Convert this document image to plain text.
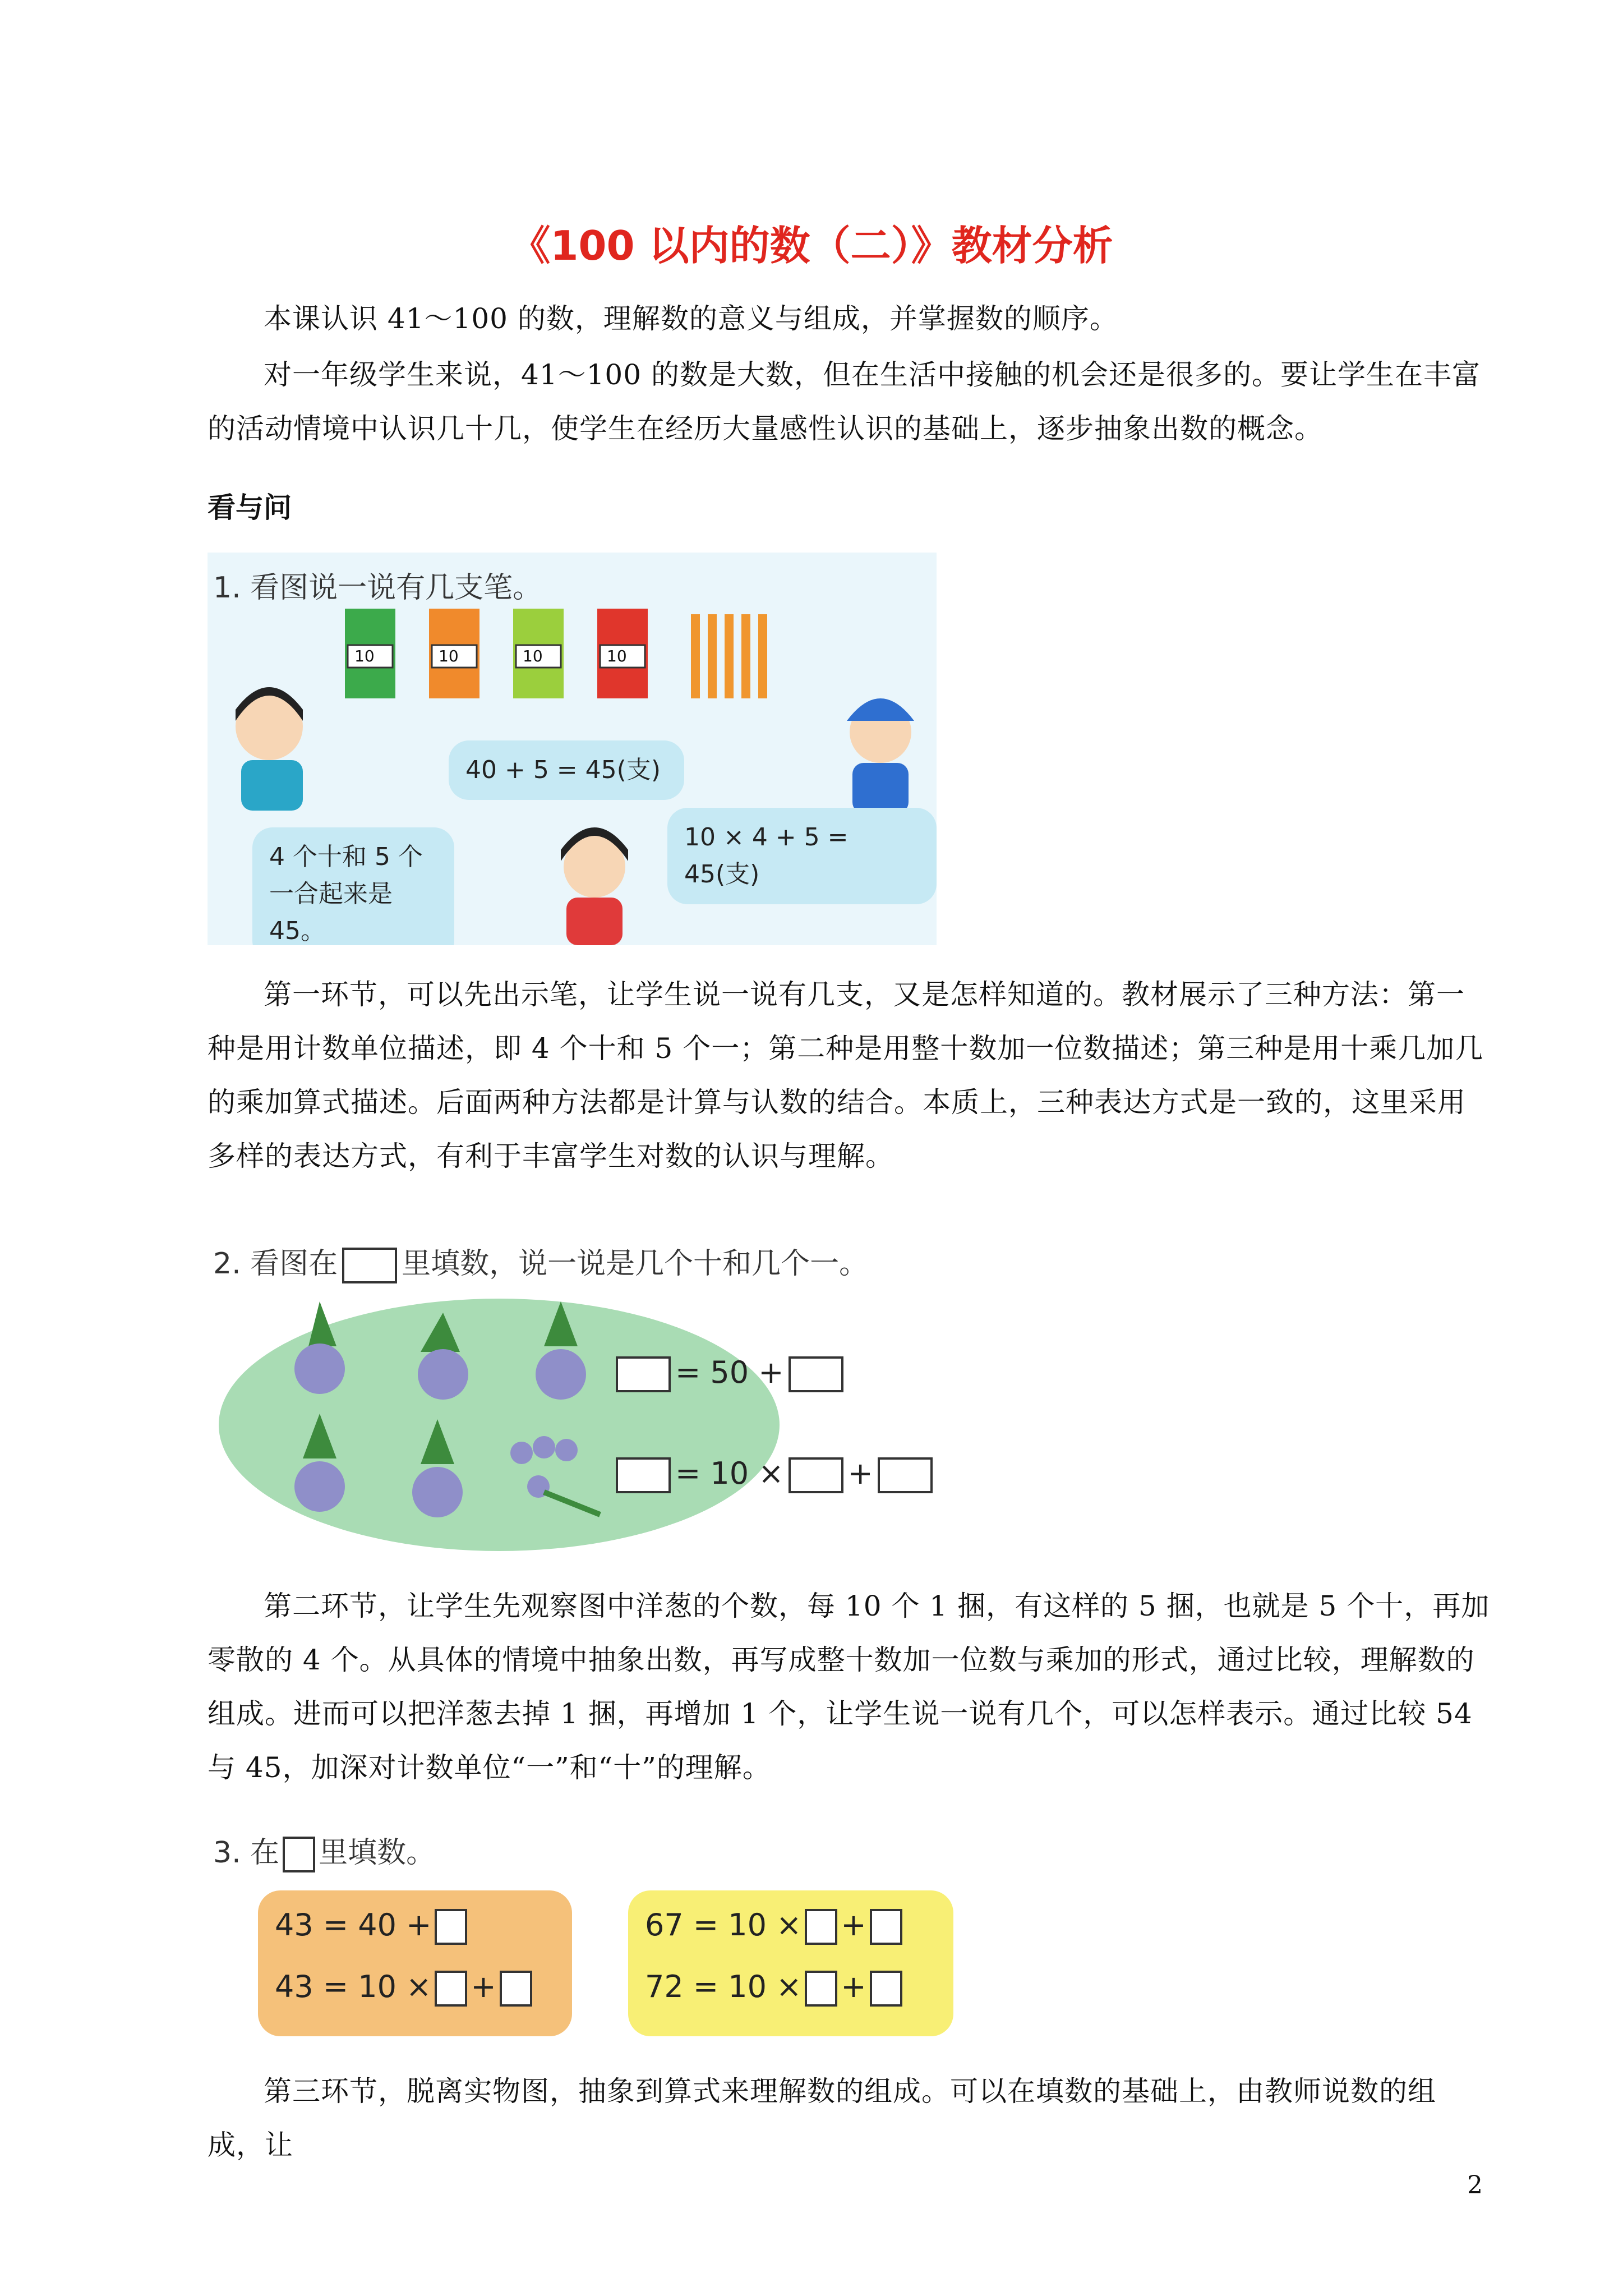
《100 以内的数（二）》教材分析

本课认识 41～100 的数，理解数的意义与组成，并掌握数的顺序。

对一年级学生来说，41～100 的数是大数，但在生活中接触的机会还是很多的。要让学生在丰富的活动情境中认识几十几，使学生在经历大量感性认识的基础上，逐步抽象出数的概念。

看与问
1. 看图说一说有几支笔。
10	10	10	10
4 个十和 5 个一合起来是 45。
40 + 5 = 45(支)
10 × 4 + 5 = 45(支)

第一环节，可以先出示笔，让学生说一说有几支，又是怎样知道的。教材展示了三种方法：第一种是用计数单位描述，即 4 个十和 5 个一；第二种是用整十数加一位数描述；第三种是用十乘几加几的乘加算式描述。后面两种方法都是计算与认数的结合。本质上，三种表达方式是一致的，这里采用多样的表达方式，有利于丰富学生对数的认识与理解。

2. 看图在 里填数，说一说是几个十和几个一。
= 50 +
= 10 × +

第二环节，让学生先观察图中洋葱的个数，每 10 个 1 捆，有这样的 5 捆，也就是 5 个十，再加零散的 4 个。从具体的情境中抽象出数，再写成整十数加一位数与乘加的形式，通过比较，理解数的组成。进而可以把洋葱去掉 1 捆，再增加 1 个，让学生说一说有几个，可以怎样表示。通过比较 54 与 45，加深对计数单位“一”和“十”的理解。

3. 在 里填数。
43 = 40 +
43 = 10 × +
67 = 10 × +
72 = 10 × +

第三环节，脱离实物图，抽象到算式来理解数的组成。可以在填数的基础上，由教师说数的组成，让

2
